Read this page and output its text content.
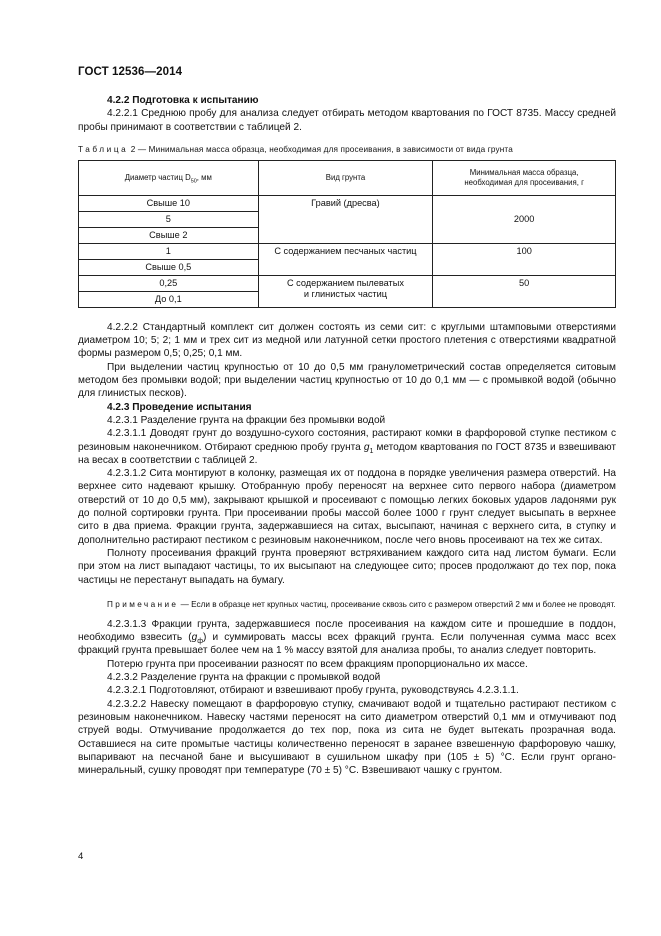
ГОСТ 12536—2014

4.2.2 Подготовка к испытанию

4.2.2.1 Среднюю пробу для анализа следует отбирать методом квартования по ГОСТ 8735. Массу средней пробы принимают в соответствии с таблицей 2.

Таблица 2 — Минимальная масса образца, необходимая для просеивания, в зависимости от вида грунта
Диаметр частиц $D_{50}$, мм	Вид грунта	Минимальная масса образца,
необходимая для просеивания, г
Свыше 10	Гравий (дресва)	2000
5		
Свыше 2		
1	С содержанием песчаных частиц	100
Свыше 0,5		
0,25	С содержанием пылеватых
и глинистых частиц	50
До 0,1		

4.2.2.2 Стандартный комплект сит должен состоять из семи сит: с круглыми штамповыми отверстиями диаметром 10; 5; 2; 1 мм и трех сит из медной или латунной сетки простого плетения с отверстиями квадратной формы размером 0,5; 0,25; 0,1 мм.

При выделении частиц крупностью от 10 до 0,5 мм гранулометрический состав определяется ситовым методом без промывки водой; при выделении частиц крупностью от 10 до 0,1 мм — с промывкой водой (обычно для глинистых песков).

4.2.3 Проведение испытания

4.2.3.1 Разделение грунта на фракции без промывки водой

4.2.3.1.1 Доводят грунт до воздушно-сухого состояния, растирают комки в фарфоровой ступке пестиком с резиновым наконечником. Отбирают среднюю пробу грунта $g_1$ методом квартования по ГОСТ 8735 и взвешивают на весах в соответствии с таблицей 2.

4.2.3.1.2 Сита монтируют в колонку, размещая их от поддона в порядке увеличения размера отверстий. На верхнее сито надевают крышку. Отобранную пробу переносят на верхнее сито первого набора (диаметром отверстий от 10 до 0,5 мм), закрывают крышкой и просеивают с помощью легких боковых ударов ладонями рук до полной сортировки грунта. При просеивании пробы массой более 1000 г грунт следует высыпать в верхнее сито в два приема. Фракции грунта, задержавшиеся на ситах, высыпают, начиная с верхнего сита, в ступку и дополнительно растирают пестиком с резиновым наконечником, после чего вновь просеивают на тех же ситах.

Полноту просеивания фракций грунта проверяют встряхиванием каждого сита над листом бумаги. Если при этом на лист выпадают частицы, то их высыпают на следующее сито; просев продолжают до тех пор, пока частицы не перестанут выпадать на бумагу.

Примечание — Если в образце нет крупных частиц, просеивание сквозь сито с размером отверстий 2 мм и более не проводят.

4.2.3.1.3 Фракции грунта, задержавшиеся после просеивания на каждом сите и прошедшие в поддон, необходимо взвесить $(g_ф)$ и суммировать массы всех фракций грунта. Если полученная сумма масс всех фракций грунта превышает более чем на 1 % массу взятой для анализа пробы, то анализ следует повторить.

Потерю грунта при просеивании разносят по всем фракциям пропорционально их массе.

4.2.3.2 Разделение грунта на фракции с промывкой водой

4.2.3.2.1 Подготовляют, отбирают и взвешивают пробу грунта, руководствуясь 4.2.3.1.1.

4.2.3.2.2 Навеску помещают в фарфоровую ступку, смачивают водой и тщательно растирают пестиком с резиновым наконечником. Навеску частями переносят на сито диаметром отверстий 0,1 мм и отмучивают под струей воды. Отмучивание продолжается до тех пор, пока из сита не будет вытекать прозрачная вода. Оставшиеся на сите промытые частицы количественно переносят в заранее взвешенную фарфоровую чашку, выпаривают на песчаной бане и высушивают в сушильном шкафу при (105 ± 5) °С. Если грунт органо-минеральный, сушку проводят при температуре (70 ± 5) °С. Взвешивают чашку с грунтом.

4
